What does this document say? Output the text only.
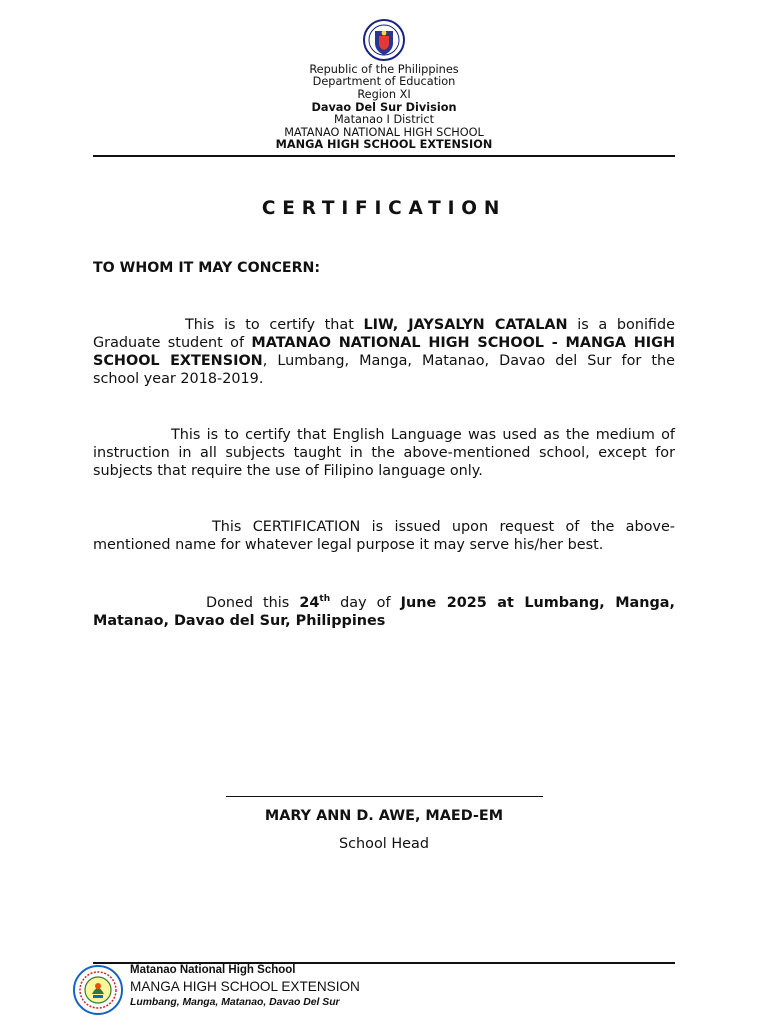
Republic of the Philippines
Department of Education
Region XI
Davao Del Sur Division
Matanao I District
MATANAO NATIONAL HIGH SCHOOL
MANGA HIGH SCHOOL EXTENSION
CERTIFICATION
TO WHOM IT MAY CONCERN:
This is to certify that LIW, JAYSALYN CATALAN is a bonifide Graduate student of MATANAO NATIONAL HIGH SCHOOL - MANGA HIGH SCHOOL EXTENSION, Lumbang, Manga, Matanao, Davao del Sur for the school year 2018-2019.
This is to certify that English Language was used as the medium of instruction in all subjects taught in the above-mentioned school, except for subjects that require the use of Filipino language only.
This CERTIFICATION is issued upon request of the above-mentioned name for whatever legal purpose it may serve his/her best.
Doned this 24th day of June 2025 at Lumbang, Manga, Matanao, Davao del Sur, Philippines
MARY ANN D. AWE, MAED-EM
School Head
Matanao National High School
MANGA HIGH SCHOOL EXTENSION
Lumbang, Manga, Matanao, Davao Del Sur
